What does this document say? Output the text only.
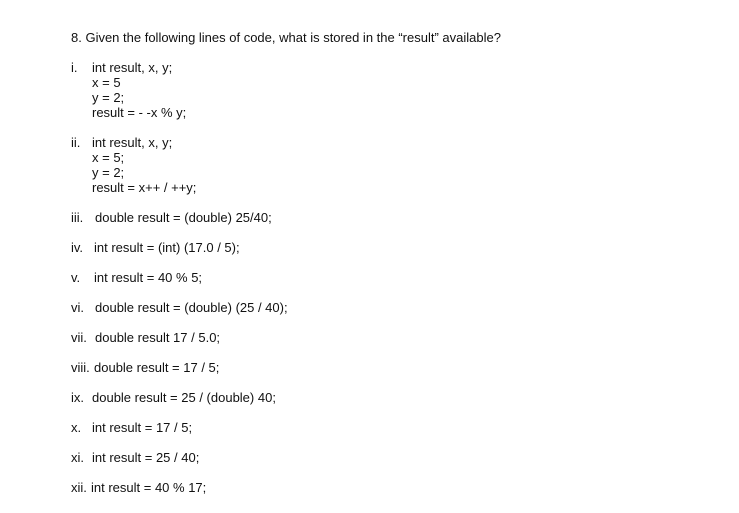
8. Given the following lines of code, what is stored in the “result” available?
i. int result, x, y;
x = 5
y = 2;
result = - -x % y;
ii. int result, x, y;
x = 5;
y = 2;
result = x++ / ++y;
iii. double result = (double) 25/40;
iv. int result = (int) (17.0 / 5);
v. int result = 40 % 5;
vi. double result = (double) (25 / 40);
vii. double result 17 / 5.0;
viii. double result = 17 / 5;
ix. double result = 25 / (double) 40;
x. int result = 17 / 5;
xi. int result = 25 / 40;
xii. int result = 40 % 17;
